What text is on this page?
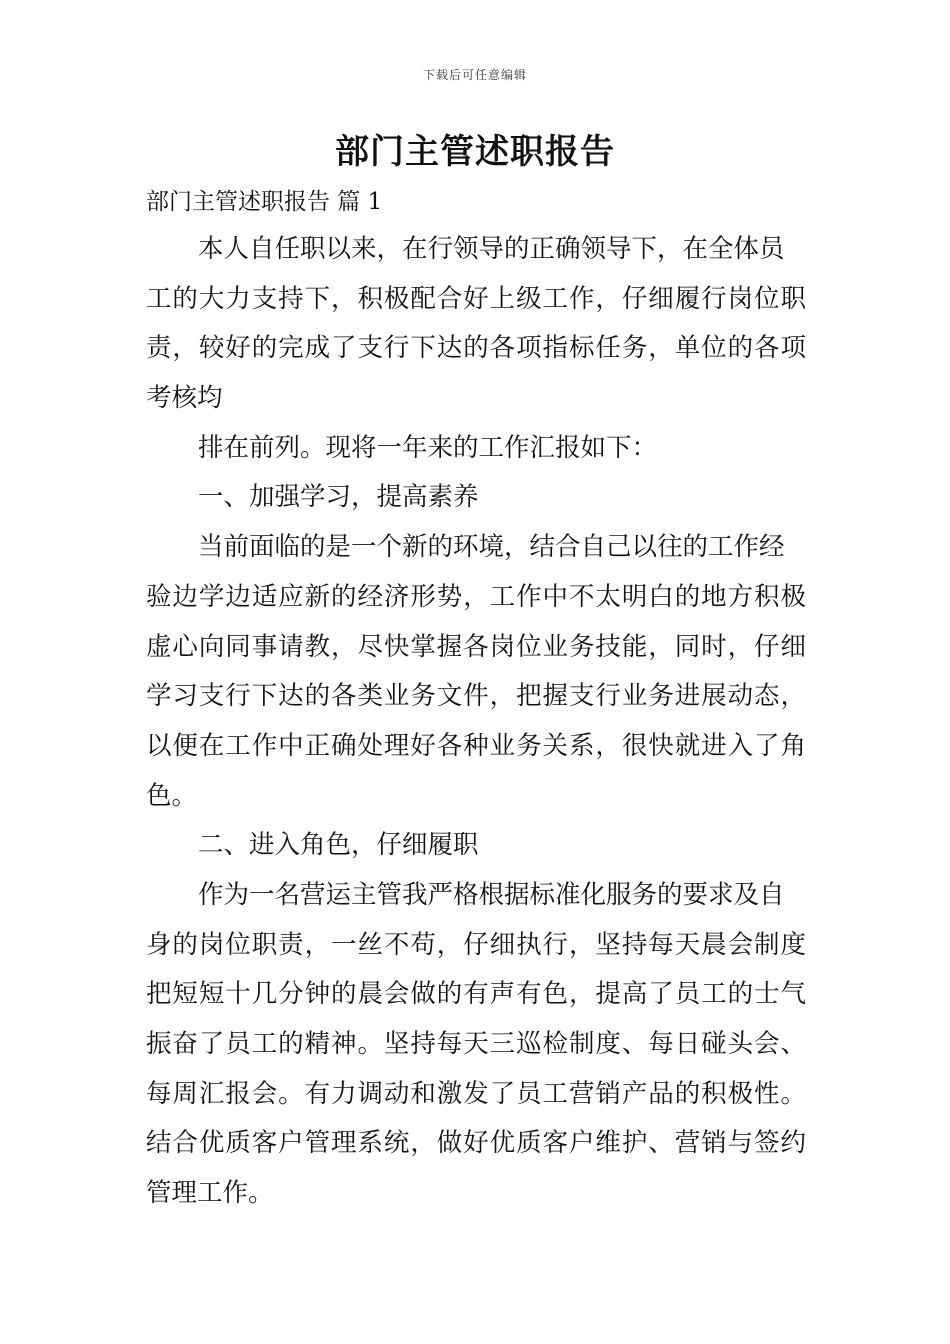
下载后可任意编辑
部门主管述职报告
部门主管述职报告 篇 1
本人自任职以来，在行领导的正确领导下，在全体员
工的大力支持下，积极配合好上级工作，仔细履行岗位职
责，较好的完成了支行下达的各项指标任务，单位的各项
考核均
排在前列。现将一年来的工作汇报如下：
一、加强学习，提高素养
当前面临的是一个新的环境，结合自己以往的工作经
验边学边适应新的经济形势，工作中不太明白的地方积极
虚心向同事请教，尽快掌握各岗位业务技能，同时，仔细
学习支行下达的各类业务文件，把握支行业务进展动态，
以便在工作中正确处理好各种业务关系，很快就进入了角
色。
二、进入角色，仔细履职
作为一名营运主管我严格根据标准化服务的要求及自
身的岗位职责，一丝不苟，仔细执行，坚持每天晨会制度
把短短十几分钟的晨会做的有声有色，提高了员工的士气
振奋了员工的精神。坚持每天三巡检制度、每日碰头会、
每周汇报会。有力调动和激发了员工营销产品的积极性。
结合优质客户管理系统，做好优质客户维护、营销与签约
管理工作。
